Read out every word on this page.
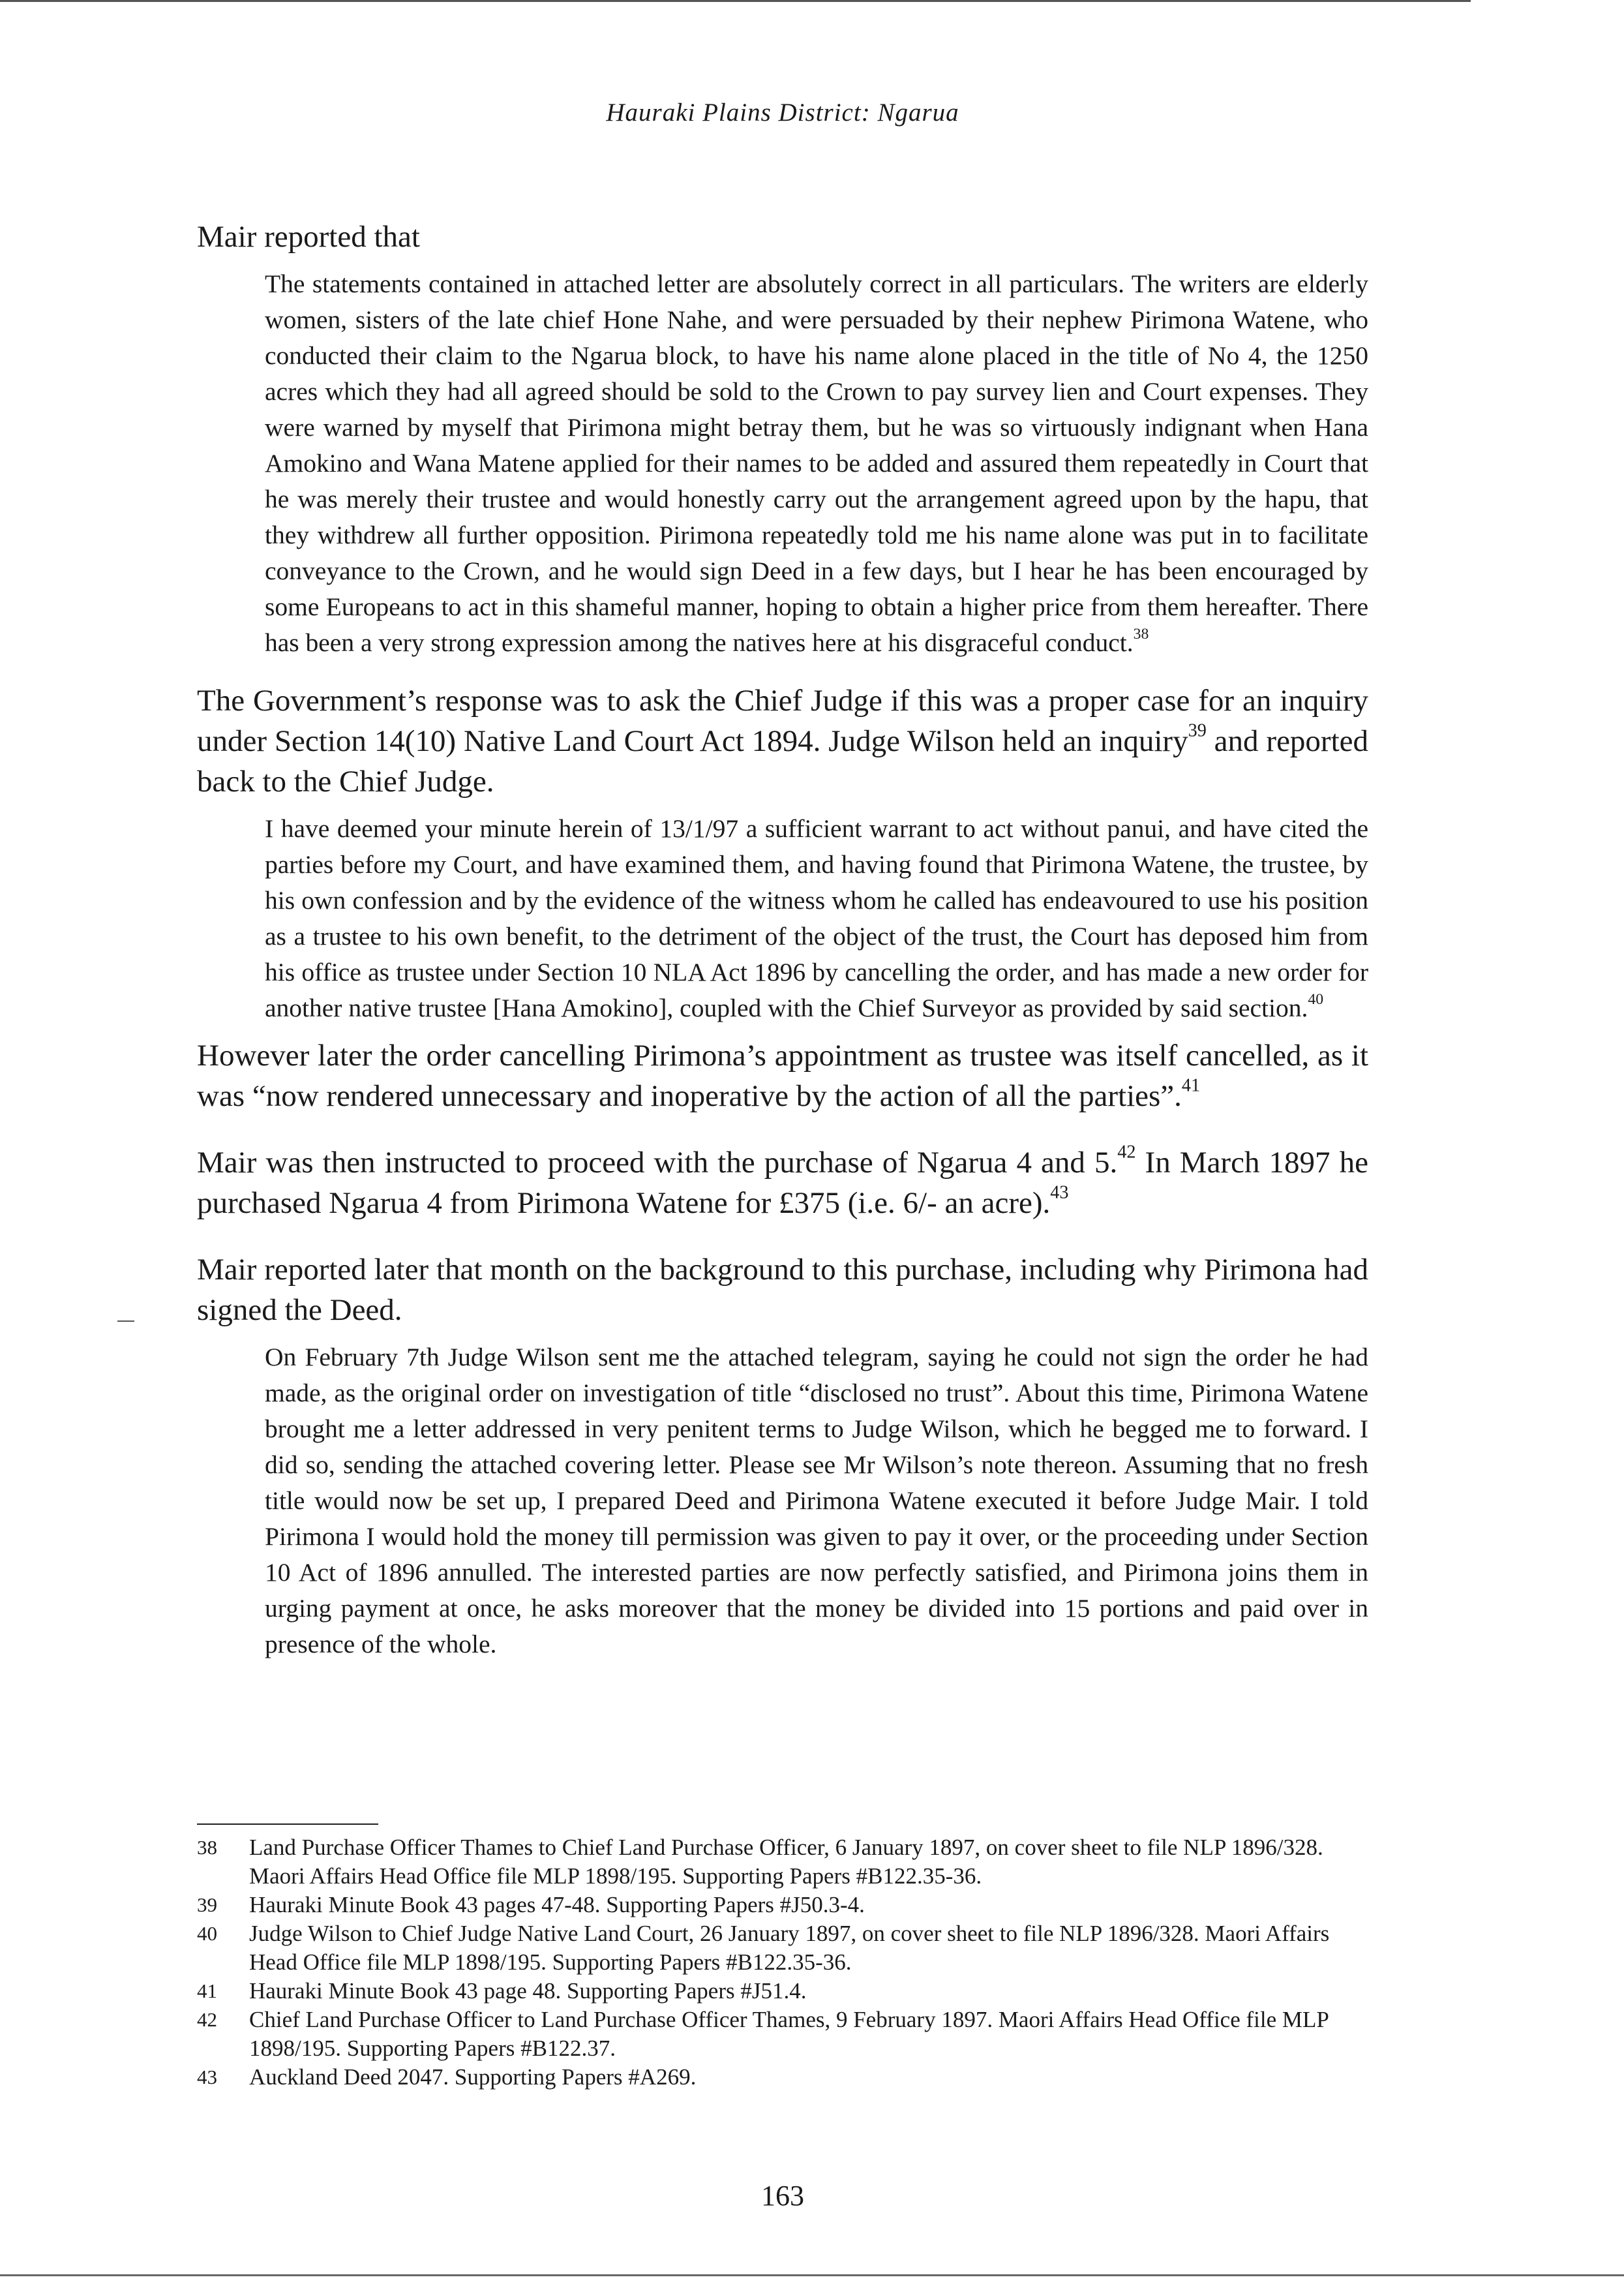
Hauraki Plains District: Ngarua

Mair reported that

The statements contained in attached letter are absolutely correct in all particulars. The writers are elderly women, sisters of the late chief Hone Nahe, and were persuaded by their nephew Pirimona Watene, who conducted their claim to the Ngarua block, to have his name alone placed in the title of No 4, the 1250 acres which they had all agreed should be sold to the Crown to pay survey lien and Court expenses. They were warned by myself that Pirimona might betray them, but he was so virtuously indignant when Hana Amokino and Wana Matene applied for their names to be added and assured them repeatedly in Court that he was merely their trustee and would honestly carry out the arrangement agreed upon by the hapu, that they withdrew all further opposition. Pirimona repeatedly told me his name alone was put in to facilitate conveyance to the Crown, and he would sign Deed in a few days, but I hear he has been encouraged by some Europeans to act in this shameful manner, hoping to obtain a higher price from them hereafter. There has been a very strong expression among the natives here at his disgraceful conduct.$^{38}$

The Government’s response was to ask the Chief Judge if this was a proper case for an inquiry under Section 14(10) Native Land Court Act 1894. Judge Wilson held an inquiry$^{39}$ and reported back to the Chief Judge.

I have deemed your minute herein of 13/1/97 a sufficient warrant to act without panui, and have cited the parties before my Court, and have examined them, and having found that Pirimona Watene, the trustee, by his own confession and by the evidence of the witness whom he called has endeavoured to use his position as a trustee to his own benefit, to the detriment of the object of the trust, the Court has deposed him from his office as trustee under Section 10 NLA Act 1896 by cancelling the order, and has made a new order for another native trustee [Hana Amokino], coupled with the Chief Surveyor as provided by said section.$^{40}$

However later the order cancelling Pirimona’s appointment as trustee was itself cancelled, as it was “now rendered unnecessary and inoperative by the action of all the parties”.$^{41}$

Mair was then instructed to proceed with the purchase of Ngarua 4 and 5.42 In March 1897 he purchased Ngarua 4 from Pirimona Watene for £375 (i.e. 6/- an acre).$^{43}$

Mair reported later that month on the background to this purchase, including why Pirimona had signed the Deed.

On February 7th Judge Wilson sent me the attached telegram, saying he could not sign the order he had made, as the original order on investigation of title “disclosed no trust”. About this time, Pirimona Watene brought me a letter addressed in very penitent terms to Judge Wilson, which he begged me to forward. I did so, sending the attached covering letter. Please see Mr Wilson’s note thereon. Assuming that no fresh title would now be set up, I prepared Deed and Pirimona Watene executed it before Judge Mair. I told Pirimona I would hold the money till permission was given to pay it over, or the proceeding under Section 10 Act of 1896 annulled. The interested parties are now perfectly satisfied, and Pirimona joins them in urging payment at once, he asks moreover that the money be divided into 15 portions and paid over in presence of the whole.

38	Land Purchase Officer Thames to Chief Land Purchase Officer, 6 January 1897, on cover sheet to file NLP 1896/328. Maori Affairs Head Office file MLP 1898/195. Supporting Papers #B122.35-36.
39	Hauraki Minute Book 43 pages 47-48. Supporting Papers #J50.3-4.
40	Judge Wilson to Chief Judge Native Land Court, 26 January 1897, on cover sheet to file NLP 1896/328. Maori Affairs Head Office file MLP 1898/195. Supporting Papers #B122.35-36.
41	Hauraki Minute Book 43 page 48. Supporting Papers #J51.4.
42	Chief Land Purchase Officer to Land Purchase Officer Thames, 9 February 1897. Maori Affairs Head Office file MLP 1898/195. Supporting Papers #B122.37.
43	Auckland Deed 2047. Supporting Papers #A269.
163
